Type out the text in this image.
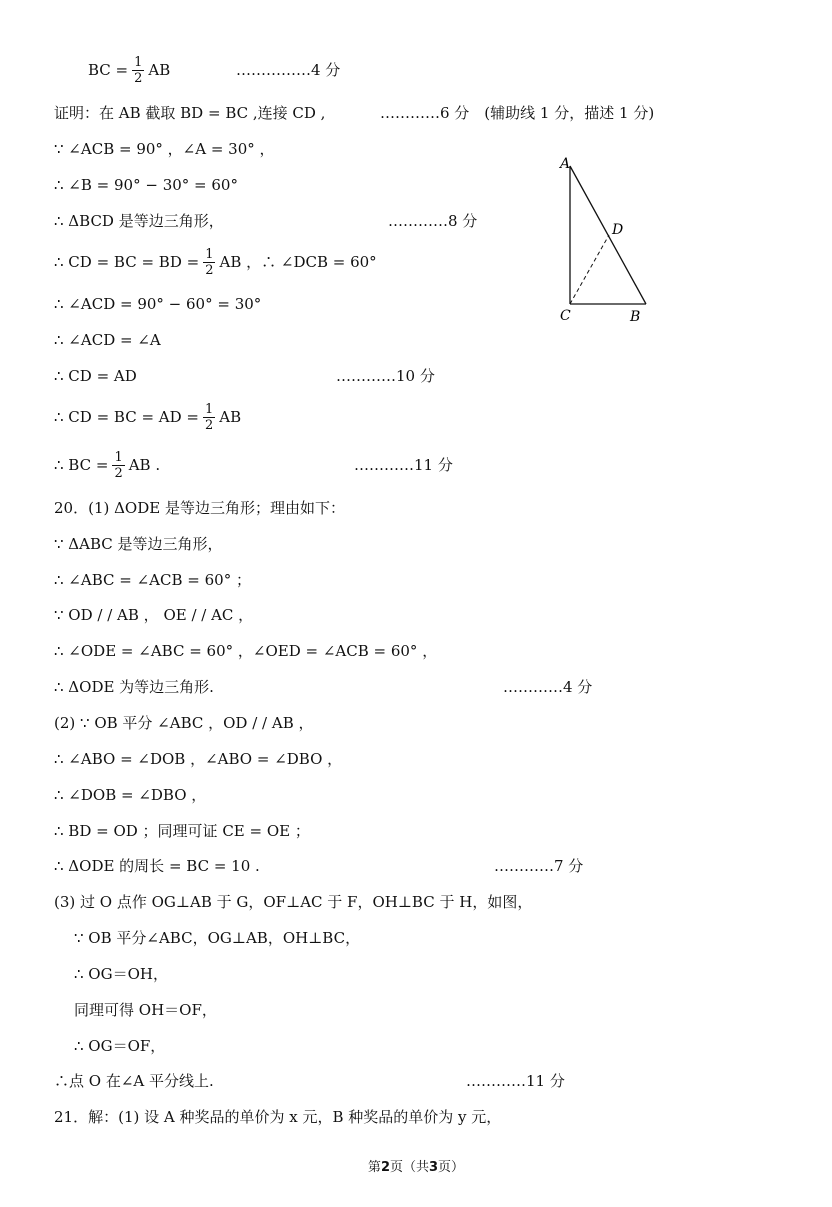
BC = $\frac{1}{2}$ AB	……………4 分
证明：在 AB 截取 BD = BC ,连接 CD ,	…………6 分　(辅助线 1 分，描述 1 分)
∵ ∠ACB = 90° ，∠A = 30° ，
∴ ∠B = 90° − 30° = 60°
∴ ΔBCD 是等边三角形，	…………8 分
∴ CD = BC = BD = $\frac{1}{2}$ AB ，∴ ∠DCB = 60°
∴ ∠ACD = 90° − 60° = 30°
∴ ∠ACD = ∠A
∴ CD = AD	…………10 分
∴ CD = BC = AD = $\frac{1}{2}$ AB
∴ BC = $\frac{1}{2}$ AB .	…………11 分
20．(1) ΔODE 是等边三角形；理由如下：
∵ ΔABC 是等边三角形，
∴ ∠ABC = ∠ACB = 60° ；
∵ OD / / AB ， OE / / AC ，
∴ ∠ODE = ∠ABC = 60° ，∠OED = ∠ACB = 60° ，
∴ ΔODE 为等边三角形.	…………4 分
(2) ∵ OB 平分 ∠ABC ，OD / / AB ，
∴ ∠ABO = ∠DOB ，∠ABO = ∠DBO ，
∴ ∠DOB = ∠DBO ，
∴ BD = OD ；同理可证 CE = OE ；
∴ ΔODE 的周长 = BC = 10 .	…………7 分
(3) 过 O 点作 OG⊥AB 于 G，OF⊥AC 于 F，OH⊥BC 于 H，如图，
∵ OB 平分∠ABC，OG⊥AB，OH⊥BC，
∴ OG＝OH，
同理可得 OH＝OF，
∴ OG＝OF，
∴点 O 在∠A 平分线上.	…………11 分
21．解：(1) 设 A 种奖品的单价为 x 元，B 种奖品的单价为 y 元，
A
D
C	B
第2页（共3页）
